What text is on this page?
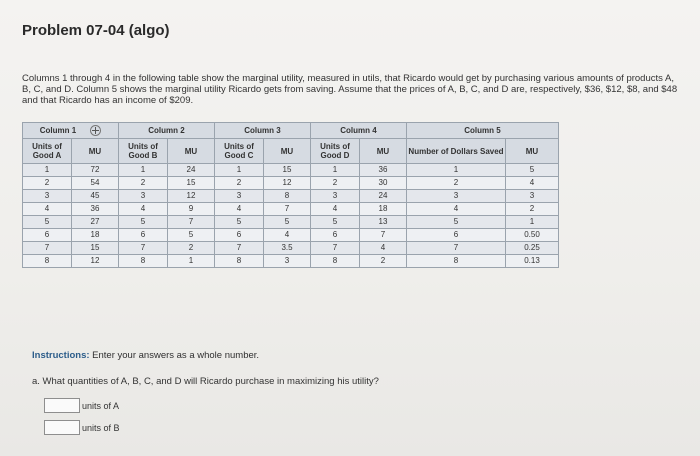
Problem 07-04 (algo)

Columns 1 through 4 in the following table show the marginal utility, measured in utils, that Ricardo would get by purchasing various amounts of products A, B, C, and D. Column 5 shows the marginal utility Ricardo gets from saving. Assume that the prices of A, B, C, and D are, respectively, $36, $12, $8, and $48 and that Ricardo has an income of $209.

Column 1		Column 2		Column 3		Column 4		Column 5	
Units of Good A	MU	Units of Good B	MU	Units of Good C	MU	Units of Good D	MU	Number of Dollars Saved	MU
1	72	1	24	1	15	1	36	1	5
2	54	2	15	2	12	2	30	2	4
3	45	3	12	3	8	3	24	3	3
4	36	4	9	4	7	4	18	4	2
5	27	5	7	5	5	5	13	5	1
6	18	6	5	6	4	6	7	6	0.50
7	15	7	2	7	3.5	7	4	7	0.25
8	12	8	1	8	3	8	2	8	0.13
Instructions: Enter your answers as a whole number.
a. What quantities of A, B, C, and D will Ricardo purchase in maximizing his utility?
units of A
units of B
